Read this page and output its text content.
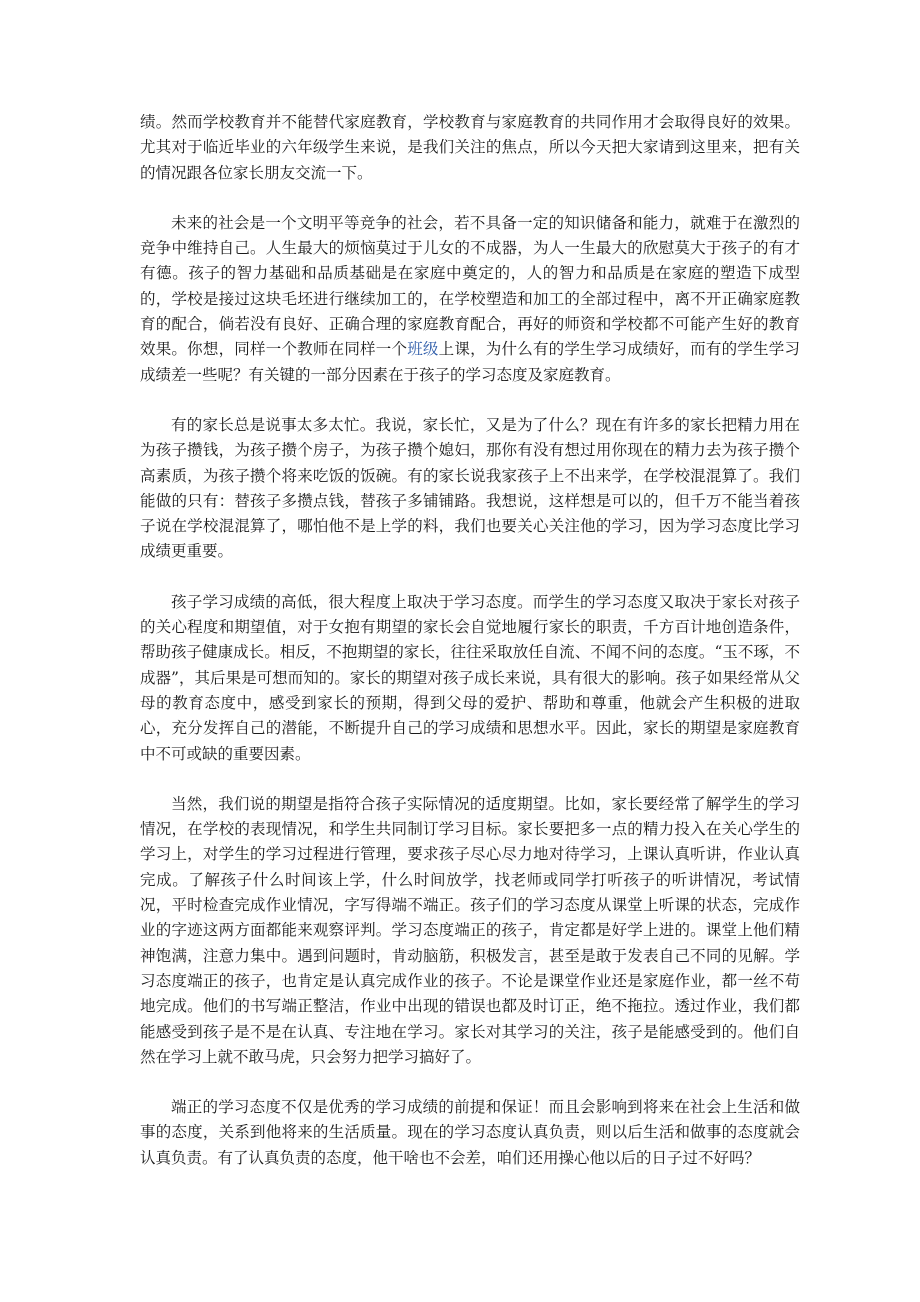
绩。然而学校教育并不能替代家庭教育，学校教育与家庭教育的共同作用才会取得良好的效果。尤其对于临近毕业的六年级学生来说，是我们关注的焦点，所以今天把大家请到这里来，把有关的情况跟各位家长朋友交流一下。

未来的社会是一个文明平等竞争的社会，若不具备一定的知识储备和能力，就难于在激烈的竞争中维持自己。人生最大的烦恼莫过于儿女的不成器，为人一生最大的欣慰莫大于孩子的有才有德。孩子的智力基础和品质基础是在家庭中奠定的，人的智力和品质是在家庭的塑造下成型的，学校是接过这块毛坯进行继续加工的，在学校塑造和加工的全部过程中，离不开正确家庭教育的配合，倘若没有良好、正确合理的家庭教育配合，再好的师资和学校都不可能产生好的教育效果。你想，同样一个教师在同样一个班级上课，为什么有的学生学习成绩好，而有的学生学习成绩差一些呢？有关键的一部分因素在于孩子的学习态度及家庭教育。

有的家长总是说事太多太忙。我说，家长忙，又是为了什么？现在有许多的家长把精力用在为孩子攒钱，为孩子攒个房子，为孩子攒个媳妇，那你有没有想过用你现在的精力去为孩子攒个高素质，为孩子攒个将来吃饭的饭碗。有的家长说我家孩子上不出来学，在学校混混算了。我们能做的只有：替孩子多攒点钱，替孩子多铺铺路。我想说，这样想是可以的，但千万不能当着孩子说在学校混混算了，哪怕他不是上学的料，我们也要关心关注他的学习，因为学习态度比学习成绩更重要。

孩子学习成绩的高低，很大程度上取决于学习态度。而学生的学习态度又取决于家长对孩子的关心程度和期望值，对于女抱有期望的家长会自觉地履行家长的职责，千方百计地创造条件，帮助孩子健康成长。相反，不抱期望的家长，往往采取放任自流、不闻不问的态度。“玉不琢，不成器”，其后果是可想而知的。家长的期望对孩子成长来说，具有很大的影响。孩子如果经常从父母的教育态度中，感受到家长的预期，得到父母的爱护、帮助和尊重，他就会产生积极的进取心，充分发挥自己的潜能，不断提升自己的学习成绩和思想水平。因此，家长的期望是家庭教育中不可或缺的重要因素。

当然，我们说的期望是指符合孩子实际情况的适度期望。比如，家长要经常了解学生的学习情况，在学校的表现情况，和学生共同制订学习目标。家长要把多一点的精力投入在关心学生的学习上，对学生的学习过程进行管理，要求孩子尽心尽力地对待学习，上课认真听讲，作业认真完成。了解孩子什么时间该上学，什么时间放学，找老师或同学打听孩子的听讲情况，考试情况，平时检查完成作业情况，字写得端不端正。孩子们的学习态度从课堂上听课的状态，完成作业的字迹这两方面都能来观察评判。学习态度端正的孩子，肯定都是好学上进的。课堂上他们精神饱满，注意力集中。遇到问题时，肯动脑筋，积极发言，甚至是敢于发表自己不同的见解。学习态度端正的孩子，也肯定是认真完成作业的孩子。不论是课堂作业还是家庭作业，都一丝不苟地完成。他们的书写端正整洁，作业中出现的错误也都及时订正，绝不拖拉。透过作业，我们都能感受到孩子是不是在认真、专注地在学习。家长对其学习的关注，孩子是能感受到的。他们自然在学习上就不敢马虎，只会努力把学习搞好了。

端正的学习态度不仅是优秀的学习成绩的前提和保证！而且会影响到将来在社会上生活和做事的态度，关系到他将来的生活质量。现在的学习态度认真负责，则以后生活和做事的态度就会认真负责。有了认真负责的态度，他干啥也不会差，咱们还用操心他以后的日子过不好吗？
